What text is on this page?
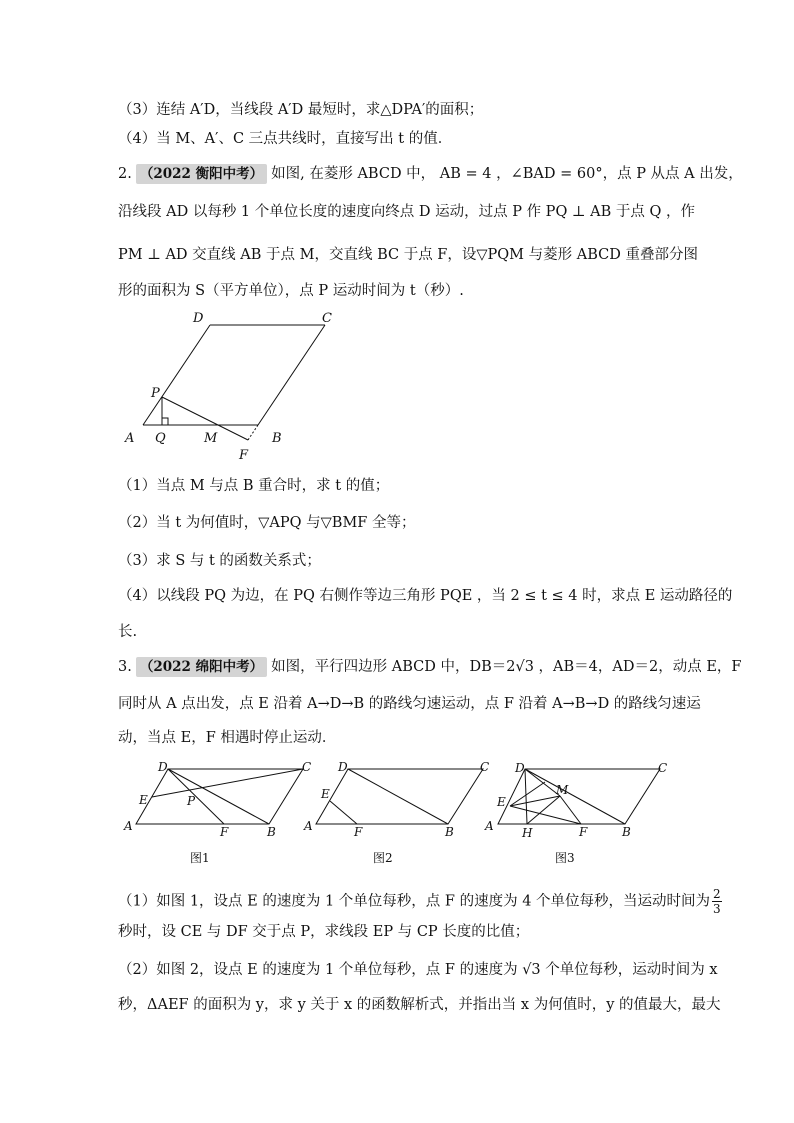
（3）连结 A′D，当线段 A′D 最短时，求△DPA′的面积；
（4）当 M、A′、C 三点共线时，直接写出 t 的值．
2. （2022 衡阳中考） 如图, 在菱形 ABCD 中， AB = 4 ，∠BAD = 60°，点 P 从点 A 出发，
沿线段 AD 以每秒 1 个单位长度的速度向终点 D 运动，过点 P 作 PQ ⊥ AB 于点 Q ，作
PM ⊥ AD 交直线 AB 于点 M，交直线 BC 于点 F，设▽PQM 与菱形 ABCD 重叠部分图
形的面积为 S（平方单位），点 P 运动时间为 t（秒）.
D	C
P
A Q	M	B
F
（1）当点 M 与点 B 重合时，求 t 的值；
（2）当 t 为何值时，▽APQ 与▽BMF 全等；
（3）求 S 与 t 的函数关系式；
（4）以线段 PQ 为边，在 PQ 右侧作等边三角形 PQE ，当 2 ≤ t ≤ 4 时，求点 E 运动路径的
长.
3. （2022 绵阳中考） 如图，平行四边形 ABCD 中，DB＝2√3 ，AB＝4，AD＝2，动点 E，F
同时从 A 点出发，点 E 沿着 A→D→B 的路线匀速运动，点 F 沿着 A→B→D 的路线匀速运
动，当点 E，F 相遇时停止运动．
D	C
E	P
A	F	B
D	C
E
A	F	B
D	C
M
E
A H	F	B
图1	图2	图3
（1）如图 1，设点 E 的速度为 1 个单位每秒，点 F 的速度为 4 个单位每秒，当运动时间为 $\frac{2}{3}$
秒时，设 CE 与 DF 交于点 P，求线段 EP 与 CP 长度的比值；
（2）如图 2，设点 E 的速度为 1 个单位每秒，点 F 的速度为 √3 个单位每秒，运动时间为 x
秒，ΔAEF 的面积为 y，求 y 关于 x 的函数解析式，并指出当 x 为何值时，y 的值最大，最大
